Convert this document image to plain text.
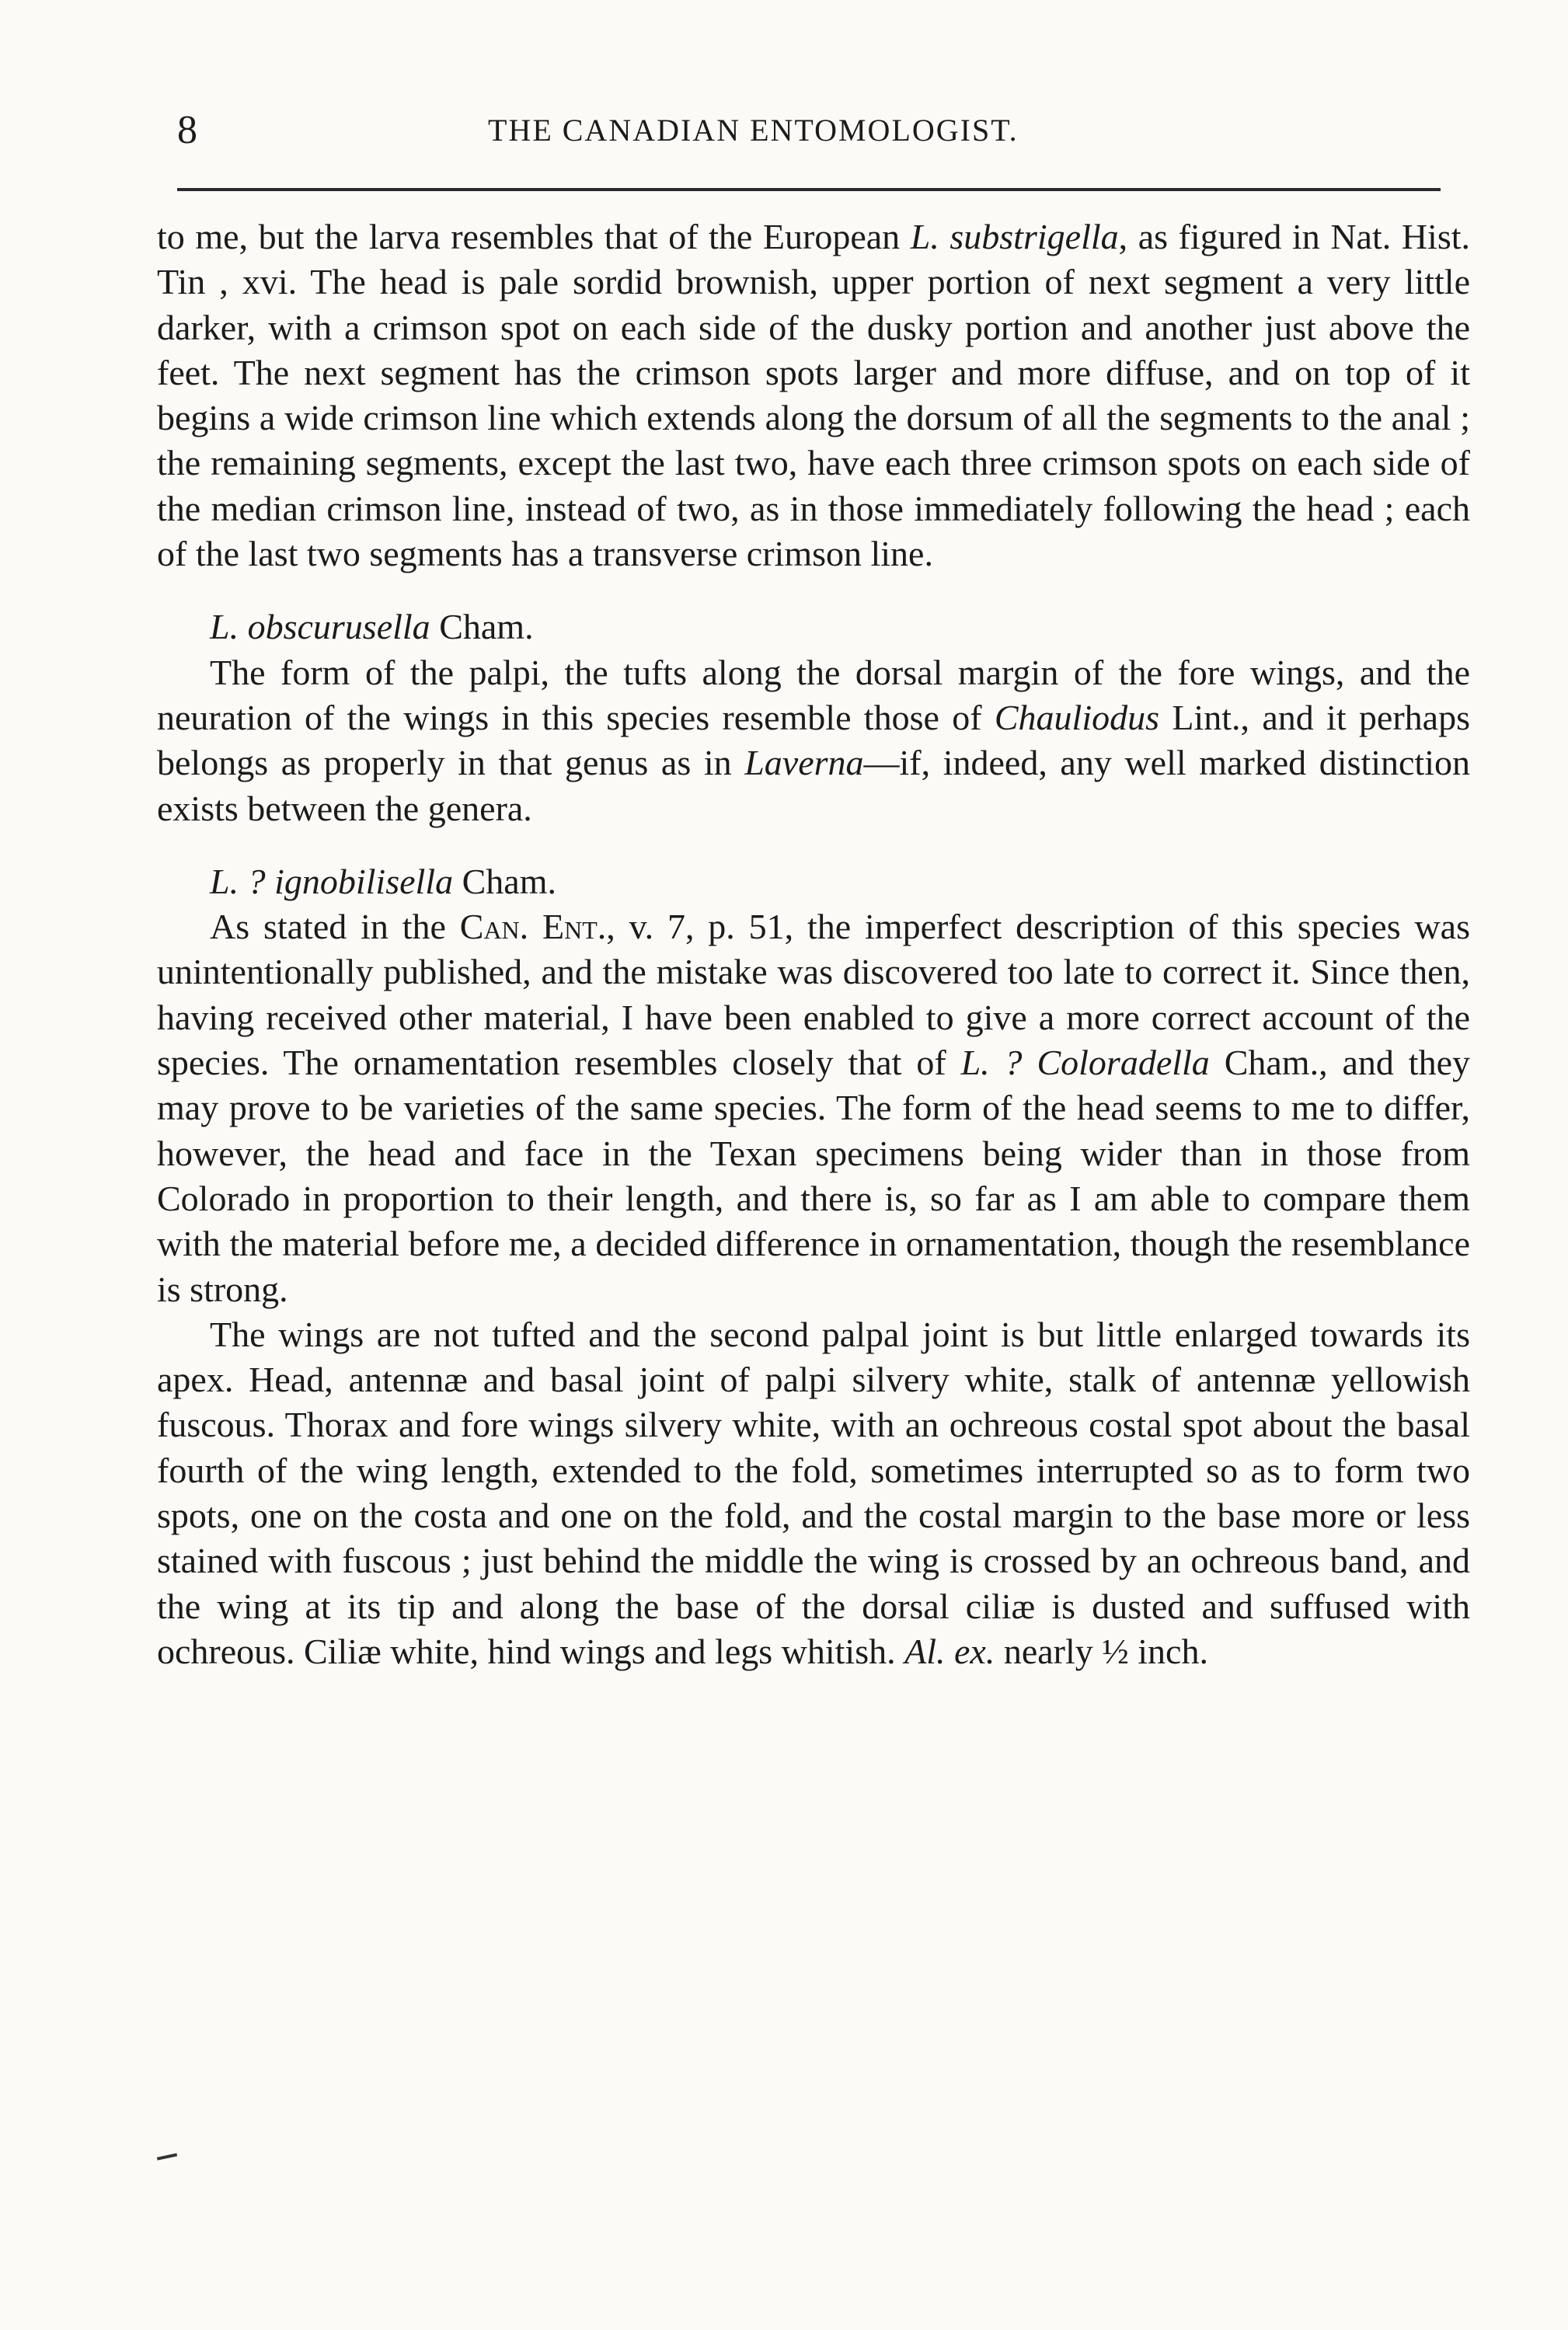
8	THE CANADIAN ENTOMOLOGIST.

to me, but the larva resembles that of the European L. substrigella, as figured in Nat. Hist. Tin , xvi. The head is pale sordid brownish, upper portion of next segment a very little darker, with a crimson spot on each side of the dusky portion and another just above the feet. The next segment has the crimson spots larger and more diffuse, and on top of it begins a wide crimson line which extends along the dorsum of all the segments to the anal ; the remaining segments, except the last two, have each three crimson spots on each side of the median crimson line, instead of two, as in those immediately following the head ; each of the last two segments has a transverse crimson line.

L. obscurusella Cham.

The form of the palpi, the tufts along the dorsal margin of the fore wings, and the neuration of the wings in this species resemble those of Chauliodus Lint., and it perhaps belongs as properly in that genus as in Laverna—if, indeed, any well marked distinction exists between the genera.

L. ? ignobilisella Cham.

As stated in the Can. Ent., v. 7, p. 51, the imperfect description of this species was unintentionally published, and the mistake was discovered too late to correct it. Since then, having received other material, I have been enabled to give a more correct account of the species. The ornamentation resembles closely that of L. ? Coloradella Cham., and they may prove to be varieties of the same species. The form of the head seems to me to differ, however, the head and face in the Texan specimens being wider than in those from Colorado in proportion to their length, and there is, so far as I am able to compare them with the material before me, a decided difference in ornamentation, though the resemblance is strong.

The wings are not tufted and the second palpal joint is but little enlarged towards its apex. Head, antennæ and basal joint of palpi silvery white, stalk of antennæ yellowish fuscous. Thorax and fore wings silvery white, with an ochreous costal spot about the basal fourth of the wing length, extended to the fold, sometimes interrupted so as to form two spots, one on the costa and one on the fold, and the costal margin to the base more or less stained with fuscous ; just behind the middle the wing is crossed by an ochreous band, and the wing at its tip and along the base of the dorsal ciliæ is dusted and suffused with ochreous. Ciliæ white, hind wings and legs whitish. Al. ex. nearly ½ inch.
